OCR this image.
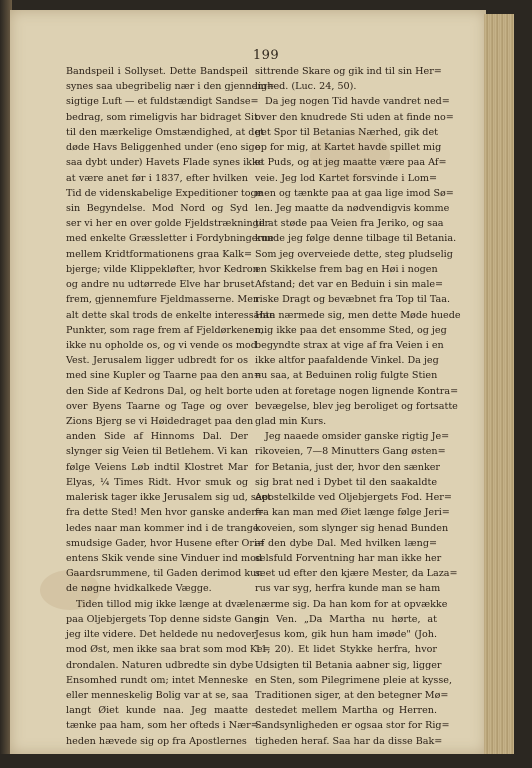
199
Bandspeil i Sollyset. Dette Bandspeil
synes saa ubegribelig nær i den gjennem=
sigtige Luft — et fuldstændigt Sandsе=
bedrag, som rimeligvis har bidraget Sit
til den mærkelige Omstændighed, at det
døde Havs Beliggenhed under (eno sige
saa dybt under) Havets Flade synes ikke
at være anet før i 1837, efter hvilken
Tid de videnskabelige Expeditioner toge
sin Begyndelse. Mod Nord og Syd
ser vi her en over golde Fjeldstrækninger
med enkelte Græssletter i Fordybningerne
mellem Kridtformationens graa Kalk=
bjerge; vilde Klippekløfter, hvor Kedron
og andre nu udtørrede Elve har bruset
frem, gjennemfure Fjeldmasserne. Men
alt dette skal trods de enkelte interessante
Punkter, som rage frem af Fjeldørkenen,
ikke nu opholde os, og vi vende os mod
Vest. Jerusalem ligger udbredt for os
med sine Kupler og Taarne paa den an=
den Side af Kedrons Dal, og helt borte
over Byens Taarne og Tage og over
Zions Bjerg se vi Høidedraget paa den
anden Side af Hinnoms Dal. Der
slynger sig Veien til Betlehem. Vi kan
følge Veiens Løb indtil Klostret Mar
Elyas, ¼ Times Ridt. Hvor smuk og
malerisk tager ikke Jerusalem sig ud, seet
fra dette Sted! Men hvor ganske ander=
ledes naar man kommer ind i de trange
smudsige Gader, hvor Husene efter Ori=
entens Skik vende sine Vinduer ind mod
Gaardsrummene, til Gaden derimod kun
de nøgne hvidkalkede Vægge.
Tiden tillod mig ikke længe at dvæle
paa Oljebjergets Top denne sidste Gang;
jeg ilte videre. Det heldede nu nedover
mod Øst, men ikke saa brat som mod Ke=
drondalen. Naturen udbredte sin dybe
Ensomhed rundt om; intet Menneske
eller menneskelig Bolig var at se, saa
langt Øiet kunde naa. Jeg maatte
tænke paa ham, som her ofteds i Nær=
heden hævede sig op fra Apostlernes
sittrende Skare og gik ind til sin Her=
lighed. (Luc. 24, 50).
Da jeg nogen Tid havde vandret ned=
over den knudrede Sti uden at finde no=
get Spor til Betanias Nærhed, gik det
op for mig, at Kartet havde spillet mig
et Puds, og at jeg maatte være paa Af=
veie. Jeg lod Kartet forsvinde i Lom=
men og tænkte paa at gaa lige imod Sø=
len. Jeg maatte da nødvendigvis komme
til at støde paa Veien fra Jeriko, og saa
kunde jeg følge denne tilbage til Betania.
Som jeg overveiede dette, steg pludselig
en Skikkelse frem bag en Høi i nogen
Afstand; det var en Beduin i sin male=
riske Dragt og bevæbnet fra Top til Taa.
Han nærmede sig, men dette Møde huede
mig ikke paa det ensomme Sted, og jeg
begyndte strax at vige af fra Veien i en
ikke altfor paafaldende Vinkel. Da jeg
nu saa, at Beduinen rolig fulgte Stien
uden at foretage nogen lignende Kontra=
bevægelse, blev jeg beroliget og fortsatte
glad min Kurs.
Jeg naaede omsider ganske rigtig Je=
rikoveien, 7—8 Minutters Gang østen=
for Betania, just der, hvor den sænker
sig brat ned i Dybet til den saakaldte
Apostelkilde ved Oljebjergets Fod. Her=
fra kan man med Øiet længe følge Jeri=
koveien, som slynger sig henad Bunden
af den dybe Dal. Med hvilken læng=
selsfuld Forventning har man ikke her
seet ud efter den kjære Mester, da Laza=
rus var syg, herfra kunde man se ham
nærme sig. Da han kom for at opvække
sin Ven. „Da Martha nu hørte, at
Jesus kom, gik hun ham imøde" (Joh.
11, 20). Et lidet Stykke herfra, hvor
Udsigten til Betania aabner sig, ligger
en Sten, som Pilegrimene pleie at kysse,
Traditionen siger, at den betegner Mø=
destedet mellem Martha og Herren.
Sandsynligheden er ogsaa stor for Rig=
tigheden heraf. Saa har da disse Bak=
